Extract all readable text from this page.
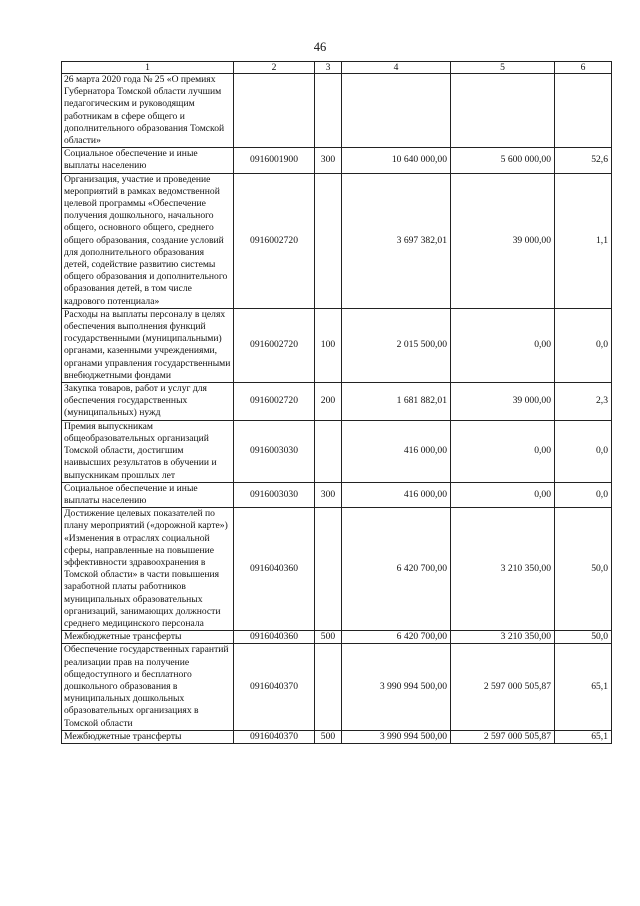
46
1	2	3	4	5	6
26 марта 2020 года № 25 «О премиях Губернатора Томской области лучшим педагогическим и руководящим работникам в сфере общего и дополнительного образования Томской области»					
Социальное обеспечение и иные выплаты населению	0916001900	300	10 640 000,00	5 600 000,00	52,6
Организация, участие и проведение мероприятий в рамках ведомственной целевой программы «Обеспечение получения дошкольного, начального общего, основного общего, среднего общего образования, создание условий для дополнительного образования детей, содействие развитию системы общего образования и дополнительного образования детей, в том числе кадрового потенциала»	0916002720		3 697 382,01	39 000,00	1,1
Расходы на выплаты персоналу в целях обеспечения выполнения функций государственными (муниципальными) органами, казенными учреждениями, органами управления государственными внебюджетными фондами	0916002720	100	2 015 500,00	0,00	0,0
Закупка товаров, работ и услуг для обеспечения государственных (муниципальных) нужд	0916002720	200	1 681 882,01	39 000,00	2,3
Премия выпускникам общеобразовательных организаций Томской области, достигшим наивысших результатов в обучении и выпускникам прошлых лет	0916003030		416 000,00	0,00	0,0
Социальное обеспечение и иные выплаты населению	0916003030	300	416 000,00	0,00	0,0
Достижение целевых показателей по плану мероприятий («дорожной карте») «Изменения в отраслях социальной сферы, направленные на повышение эффективности здравоохранения в Томской области» в части повышения заработной платы работников муниципальных образовательных организаций, занимающих должности среднего медицинского персонала	0916040360		6 420 700,00	3 210 350,00	50,0
Межбюджетные трансферты	0916040360	500	6 420 700,00	3 210 350,00	50,0
Обеспечение государственных гарантий реализации прав на получение общедоступного и бесплатного дошкольного образования в муниципальных дошкольных образовательных организациях в Томской области	0916040370		3 990 994 500,00	2 597 000 505,87	65,1
Межбюджетные трансферты	0916040370	500	3 990 994 500,00	2 597 000 505,87	65,1
